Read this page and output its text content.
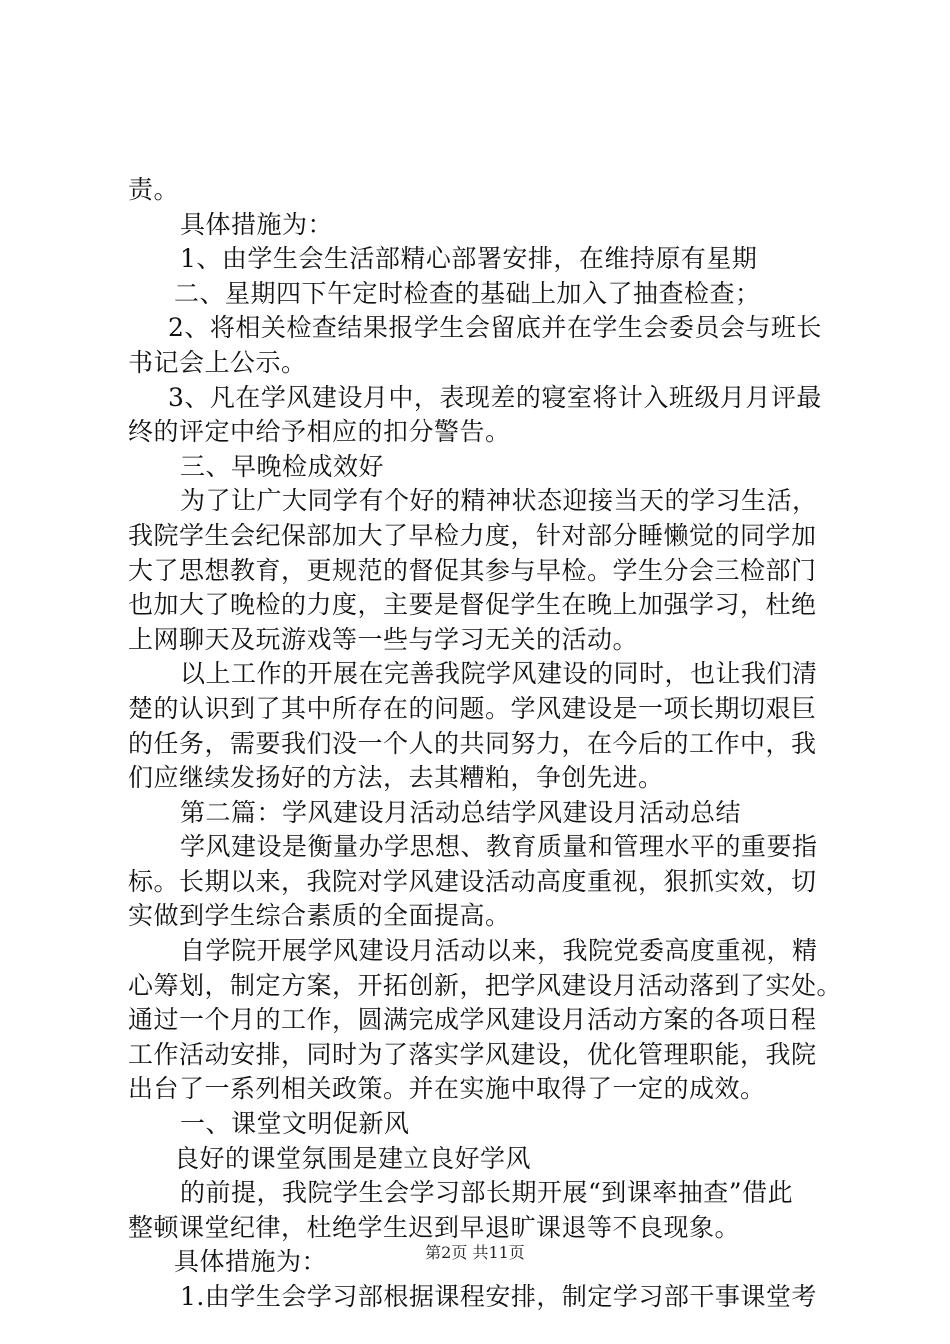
责。
具体措施为：
1、由学生会生活部精心部署安排，在维持原有星期
二、星期四下午定时检查的基础上加入了抽查检查；
2、将相关检查结果报学生会留底并在学生会委员会与班长
书记会上公示。
3、凡在学风建设月中，表现差的寝室将计入班级月月评最
终的评定中给予相应的扣分警告。
三、早晚检成效好
为了让广大同学有个好的精神状态迎接当天的学习生活，
我院学生会纪保部加大了早检力度，针对部分睡懒觉的同学加
大了思想教育，更规范的督促其参与早检。学生分会三检部门
也加大了晚检的力度，主要是督促学生在晚上加强学习，杜绝
上网聊天及玩游戏等一些与学习无关的活动。
以上工作的开展在完善我院学风建设的同时，也让我们清
楚的认识到了其中所存在的问题。学风建设是一项长期切艰巨
的任务，需要我们没一个人的共同努力，在今后的工作中，我
们应继续发扬好的方法，去其糟粕，争创先进。
第二篇：学风建设月活动总结学风建设月活动总结
学风建设是衡量办学思想、教育质量和管理水平的重要指
标。长期以来，我院对学风建设活动高度重视，狠抓实效，切
实做到学生综合素质的全面提高。
自学院开展学风建设月活动以来，我院党委高度重视，精
心筹划，制定方案，开拓创新，把学风建设月活动落到了实处。
通过一个月的工作，圆满完成学风建设月活动方案的各项日程
工作活动安排，同时为了落实学风建设，优化管理职能，我院
出台了一系列相关政策。并在实施中取得了一定的成效。
一、课堂文明促新风
良好的课堂氛围是建立良好学风
的前提，我院学生会学习部长期开展“到课率抽查”借此
整顿课堂纪律，杜绝学生迟到早退旷课退等不良现象。
具体措施为：
1.由学生会学习部根据课程安排，制定学习部干事课堂考
第2页 共11页
